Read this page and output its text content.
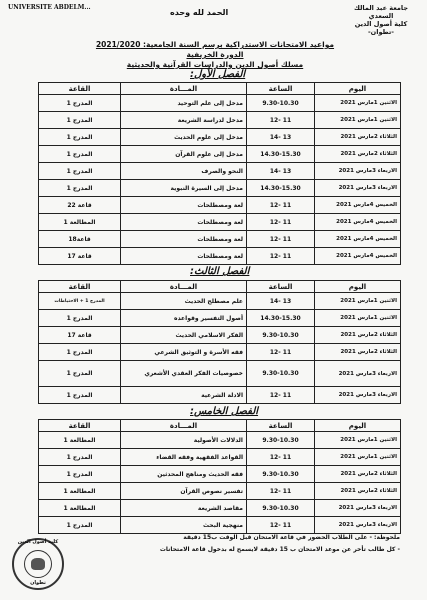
UNIVERSITE ABDELM...
الحمد لله وحده	جامعة عبد المالك السعدي
كلية أصول الدين
-تطوان-
مواعيد الامتحانات الاستدراكية برسم السنة الجامعية: 2021/2020
الدورة الخريفية
مسلك أصول الدين والدراسات القرآنية والحديثية
الفصل الأول:
اليوم	الساعة	المـــادة	القاعة
الاثنين 1مارس 2021	9.30-10.30	مدخل إلى علم التوحيد	المدرج 1
الاثنين 1مارس 2021	11 -12	مدخل لدراسة الشريعة	المدرج 1
الثلاثاء 2مارس 2021	13 -14	مدخل إلى علوم الحديث	المدرج 1
الثلاثاء 2مارس 2021	14.30-15.30	مدخل إلى علوم القرآن	المدرج 1
الاربعاء 3مارس 2021	13 -14	النحو والصرف	المدرج 1
الاربعاء 3مارس 2021	14.30-15.30	مدخل إلى السيرة النبوية	المدرج 1
الخميس 4مارس 2021	11 -12	لغة ومصطلحات	قاعة 22
الخميس 4مارس 2021	11 -12	لغة ومصطلحات	المطالعة 1
الخميس 4مارس 2021	11 -12	لغة ومصطلحات	قاعة18
الخميس 4مارس 2021	11 -12	لغة ومصطلحات	قاعة 17
الفصل الثالث:
اليوم	الساعة	المـــادة	القاعة
الاثنين 1مارس 2021	13 -14	علم مصطلح الحديث	المدرج 1 + الاحتياطات
الاثنين 1مارس 2021	14.30-15.30	أصول التفسير وقواعده	المدرج 1
الثلاثاء 2مارس 2021	9.30-10.30	الفكر الاسلامي الحديث	قاعة 17
الثلاثاء 2مارس 2021	11 -12	فقه الأسرة و التوثيق الشرعي	المدرج 1
الاربعاء 3مارس 2021	9.30-10.30	خصوصيات الفكر العقدي الأشعري	المدرج 1
الاربعاء 3مارس 2021	11 -12	الادلة الشرعية	المدرج 1
الفصل الخامس:
اليوم	الساعة	المـــادة	القاعة
الاثنين 1مارس 2021	9.30-10.30	الدلالات الأصولية	المطالعة 1
الاثنين 1مارس 2021	11 -12	القواعد الفقهية وفقه القضاء	المدرج 1
الثلاثاء 2مارس 2021	9.30-10.30	فقه الحديث ومناهج المحدثين	المدرج 1
الثلاثاء 2مارس 2021	11 -12	تفسير نصوص القرآن	المطالعة 1
الاربعاء 3مارس 2021	9.30-10.30	مقاصد الشريعة	المطالعة 1
الاربعاء 3مارس 2021	11 -12	منهجية البحث	المدرج 1
ملحوظة: - على الطلاب الحضور في قاعة الامتحان قبل الوقت ب15 دقيقة
- كل طالب تأخر عن موعد الامتحان ب 15 دقيقة لايسمح له بدخول قاعة الامتحانات
كلية أصول الدين
تطوان
